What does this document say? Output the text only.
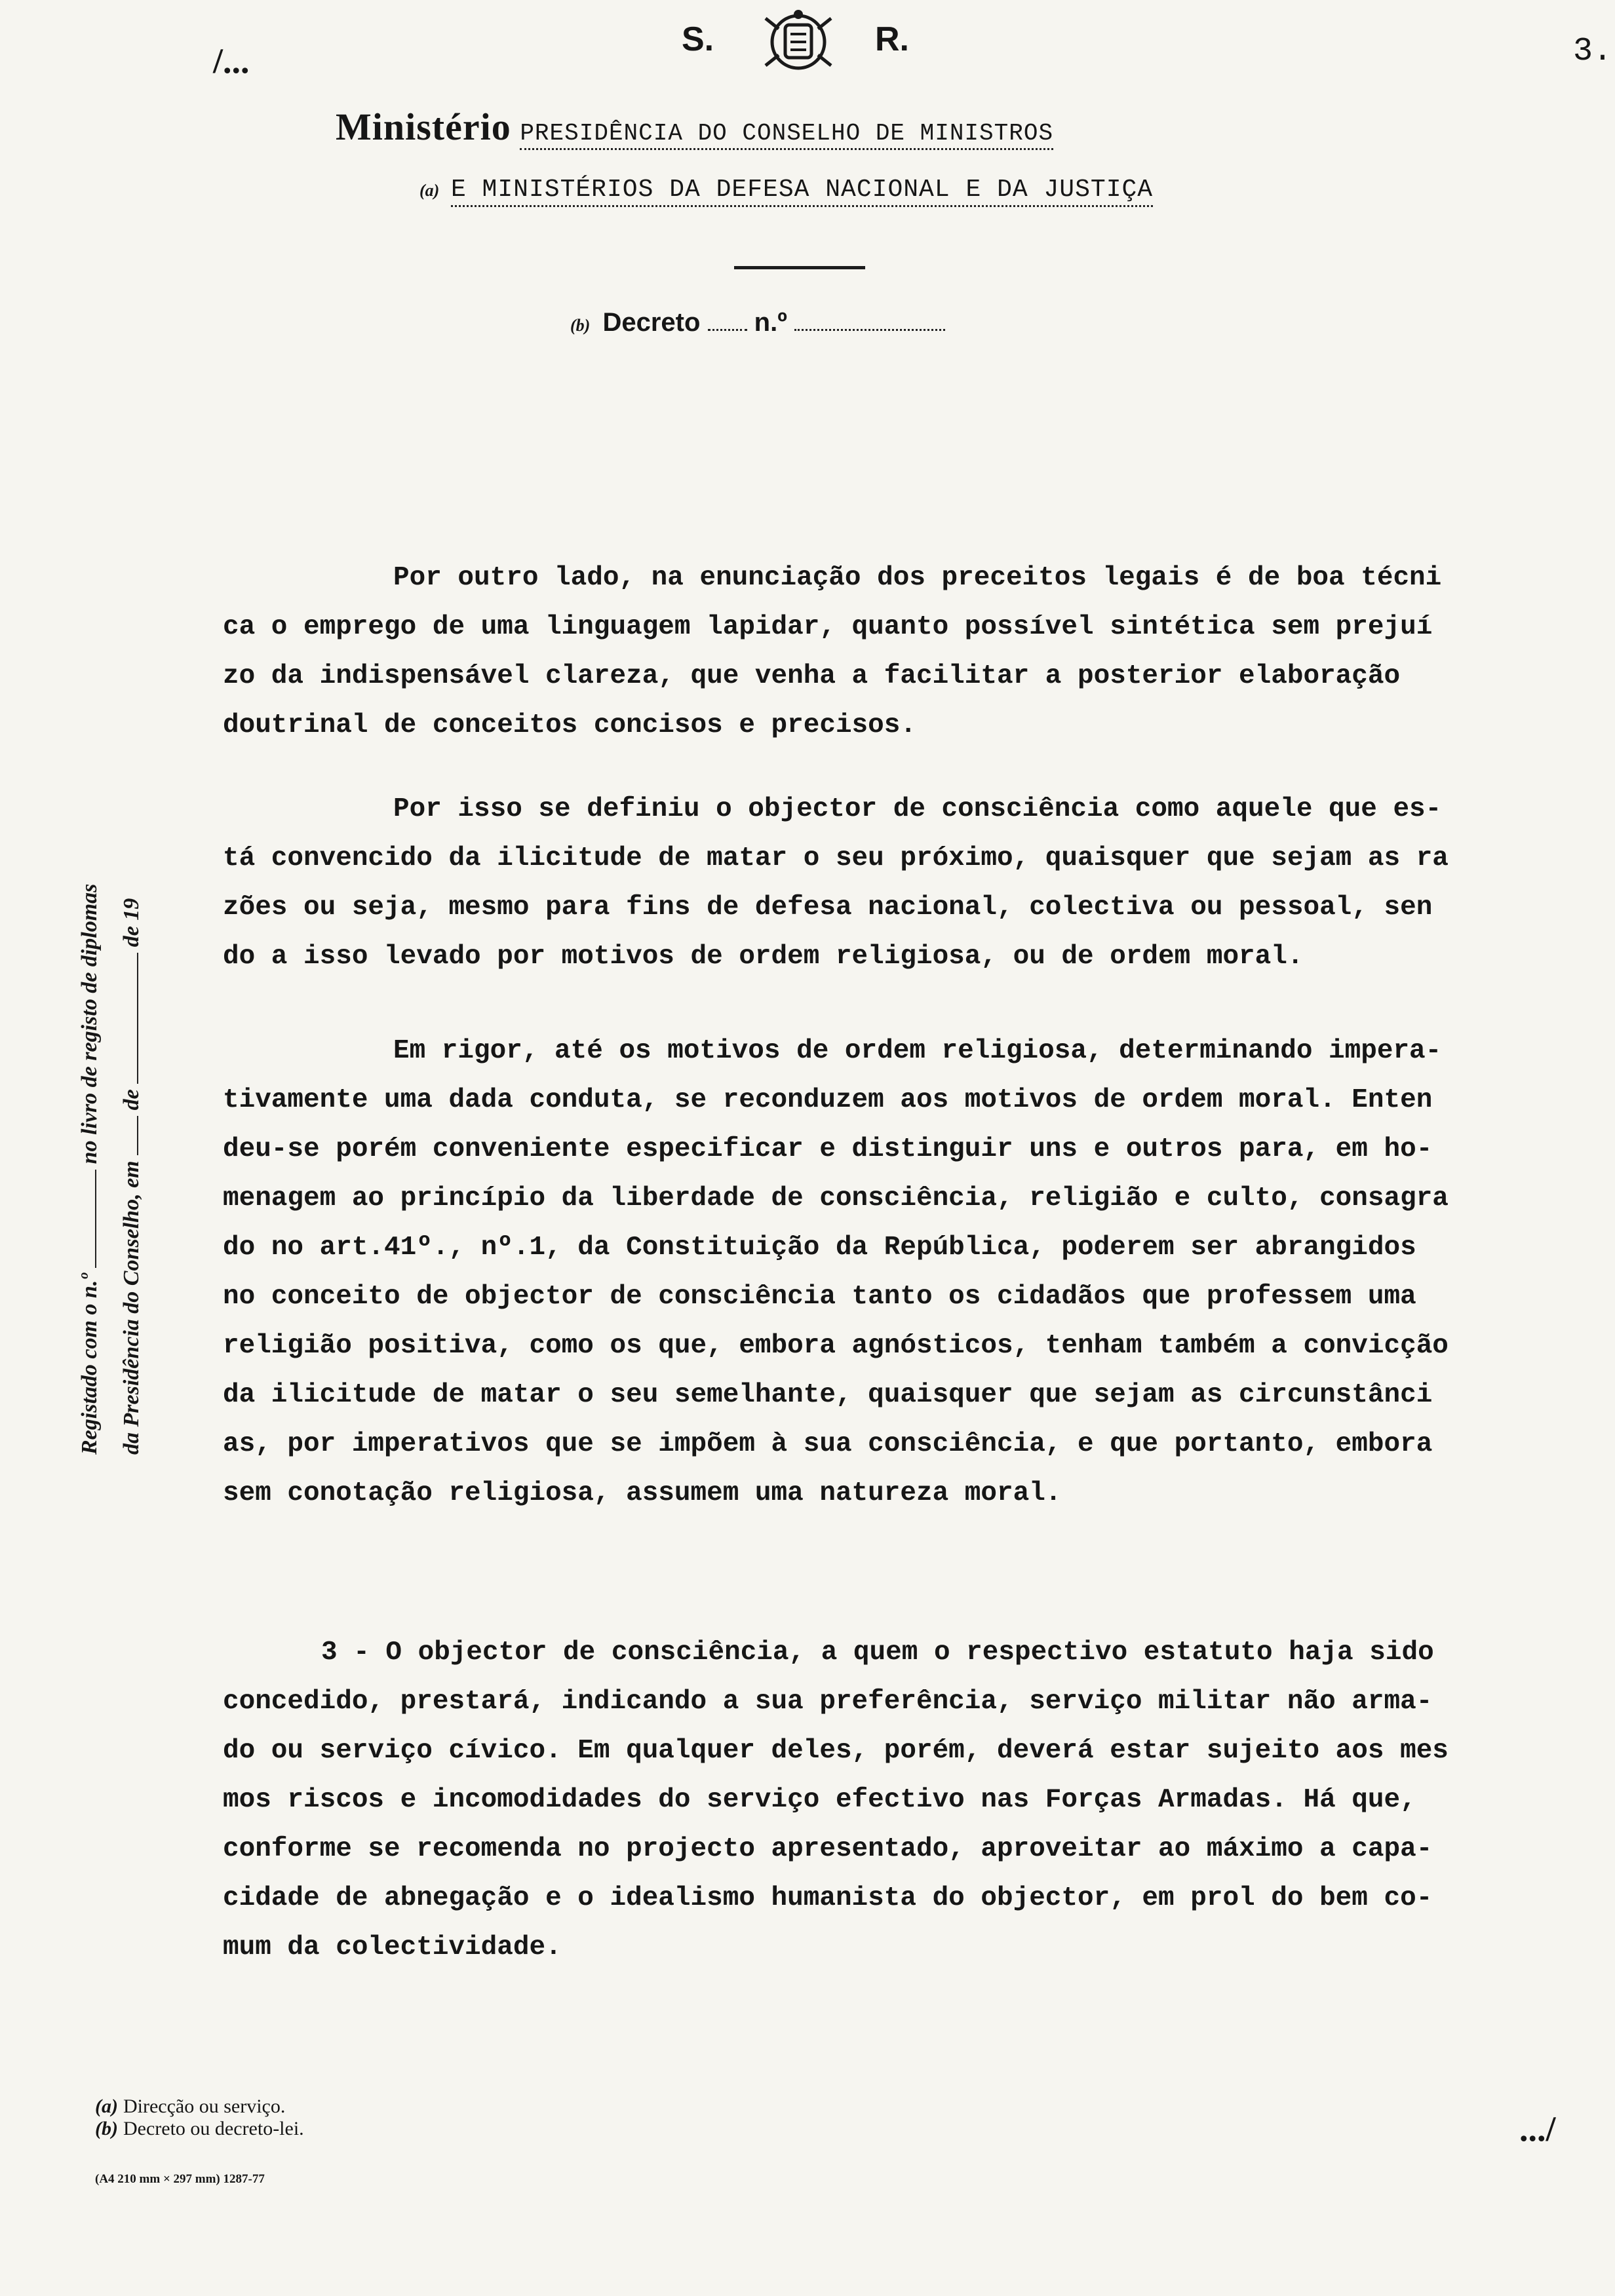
S.	R.	3.
/...
Ministério PRESIDÊNCIA DO CONSELHO DE MINISTROS
(a) E MINISTÉRIOS DA DEFESA NACIONAL E DA JUSTIÇA
(b) Decreto n.º
Registado com o n.º  no livro de registo de diplomas
da Presidência do Conselho, em  de  de 19
Por outro lado, na enunciação dos preceitos legais é de boa técni
ca o emprego de uma linguagem lapidar, quanto possível sintética sem prejuí
zo da indispensável clareza, que venha a facilitar a posterior elaboração
doutrinal de conceitos concisos e precisos.
Por isso se definiu o objector de consciência como aquele que es-
tá convencido da ilicitude de matar o seu próximo, quaisquer que sejam as ra
zões ou seja, mesmo para fins de defesa nacional, colectiva ou pessoal, sen
do a isso levado por motivos de ordem religiosa, ou de ordem moral.
Em rigor, até os motivos de ordem religiosa, determinando impera-
tivamente uma dada conduta, se reconduzem aos motivos de ordem moral. Enten
deu-se porém conveniente especificar e distinguir uns e outros para, em ho-
menagem ao princípio da liberdade de consciência, religião e culto, consagra
do no art.41º., nº.1, da Constituição da República, poderem ser abrangidos
no conceito de objector de consciência tanto os cidadãos que professem uma
religião positiva, como os que, embora agnósticos, tenham também a convicção
da ilicitude de matar o seu semelhante, quaisquer que sejam as circunstânci
as, por imperativos que se impõem à sua consciência, e que portanto, embora
sem conotação religiosa, assumem uma natureza moral.
3 - O objector de consciência, a quem o respectivo estatuto haja sido
concedido, prestará, indicando a sua preferência, serviço militar não arma-
do ou serviço cívico. Em qualquer deles, porém, deverá estar sujeito aos mes
mos riscos e incomodidades do serviço efectivo nas Forças Armadas. Há que,
conforme se recomenda no projecto apresentado, aproveitar ao máximo a capa-
cidade de abnegação e o idealismo humanista do objector, em prol do bem co-
mum da colectividade.
(a) Direcção ou serviço.
(b) Decreto ou decreto-lei.
(A4 210 mm × 297 mm) 1287-77
.../
